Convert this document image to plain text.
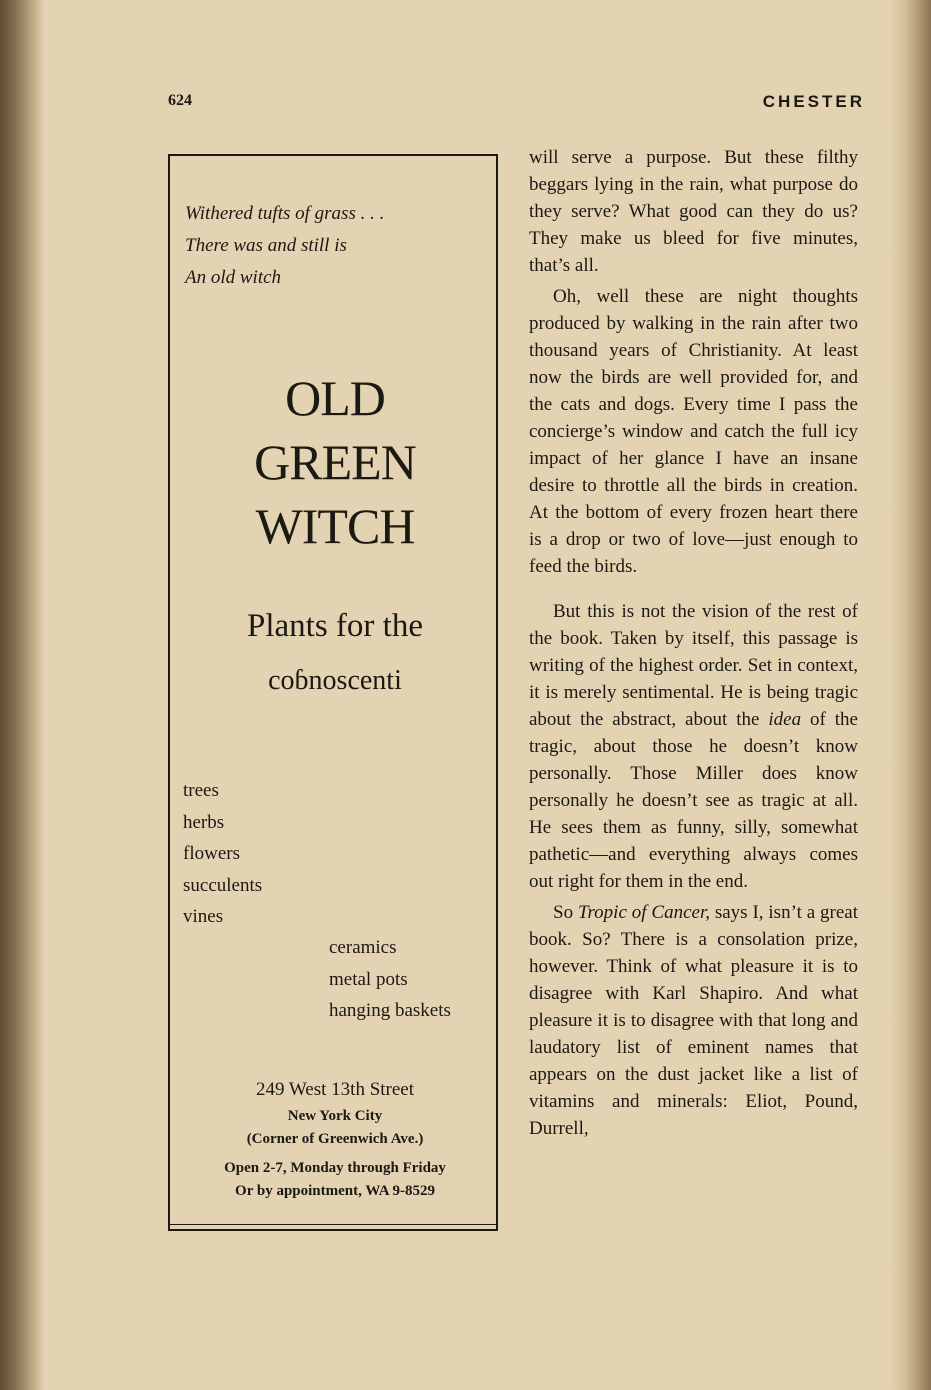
624	CHESTER
Withered tufts of grass . . .
There was and still is
An old witch
OLD
GREEN
WITCH
Plants for the
coɓnoscenti
trees
herbs
flowers
succulents
vines
ceramics
metal pots
hanging baskets
249 West 13th Street
New York City
(Corner of Greenwich Ave.)
Open 2-7, Monday through Friday
Or by appointment, WA 9-8529

will serve a purpose. But these filthy beggars lying in the rain, what purpose do they serve? What good can they do us? They make us bleed for five minutes, that’s all.

Oh, well these are night thoughts produced by walking in the rain after two thousand years of Christianity. At least now the birds are well provided for, and the cats and dogs. Every time I pass the concierge’s window and catch the full icy impact of her glance I have an insane desire to throttle all the birds in creation. At the bottom of every frozen heart there is a drop or two of love—just enough to feed the birds.

But this is not the vision of the rest of the book. Taken by itself, this passage is writing of the highest order. Set in context, it is merely sentimental. He is being tragic about the abstract, about the idea of the tragic, about those he doesn’t know personally. Those Miller does know personally he doesn’t see as tragic at all. He sees them as funny, silly, somewhat pathetic—and everything always comes out right for them in the end.

So Tropic of Cancer, says I, isn’t a great book. So? There is a consolation prize, however. Think of what pleasure it is to disagree with Karl Shapiro. And what pleasure it is to disagree with that long and laudatory list of eminent names that appears on the dust jacket like a list of vitamins and minerals: Eliot, Pound, Durrell,
